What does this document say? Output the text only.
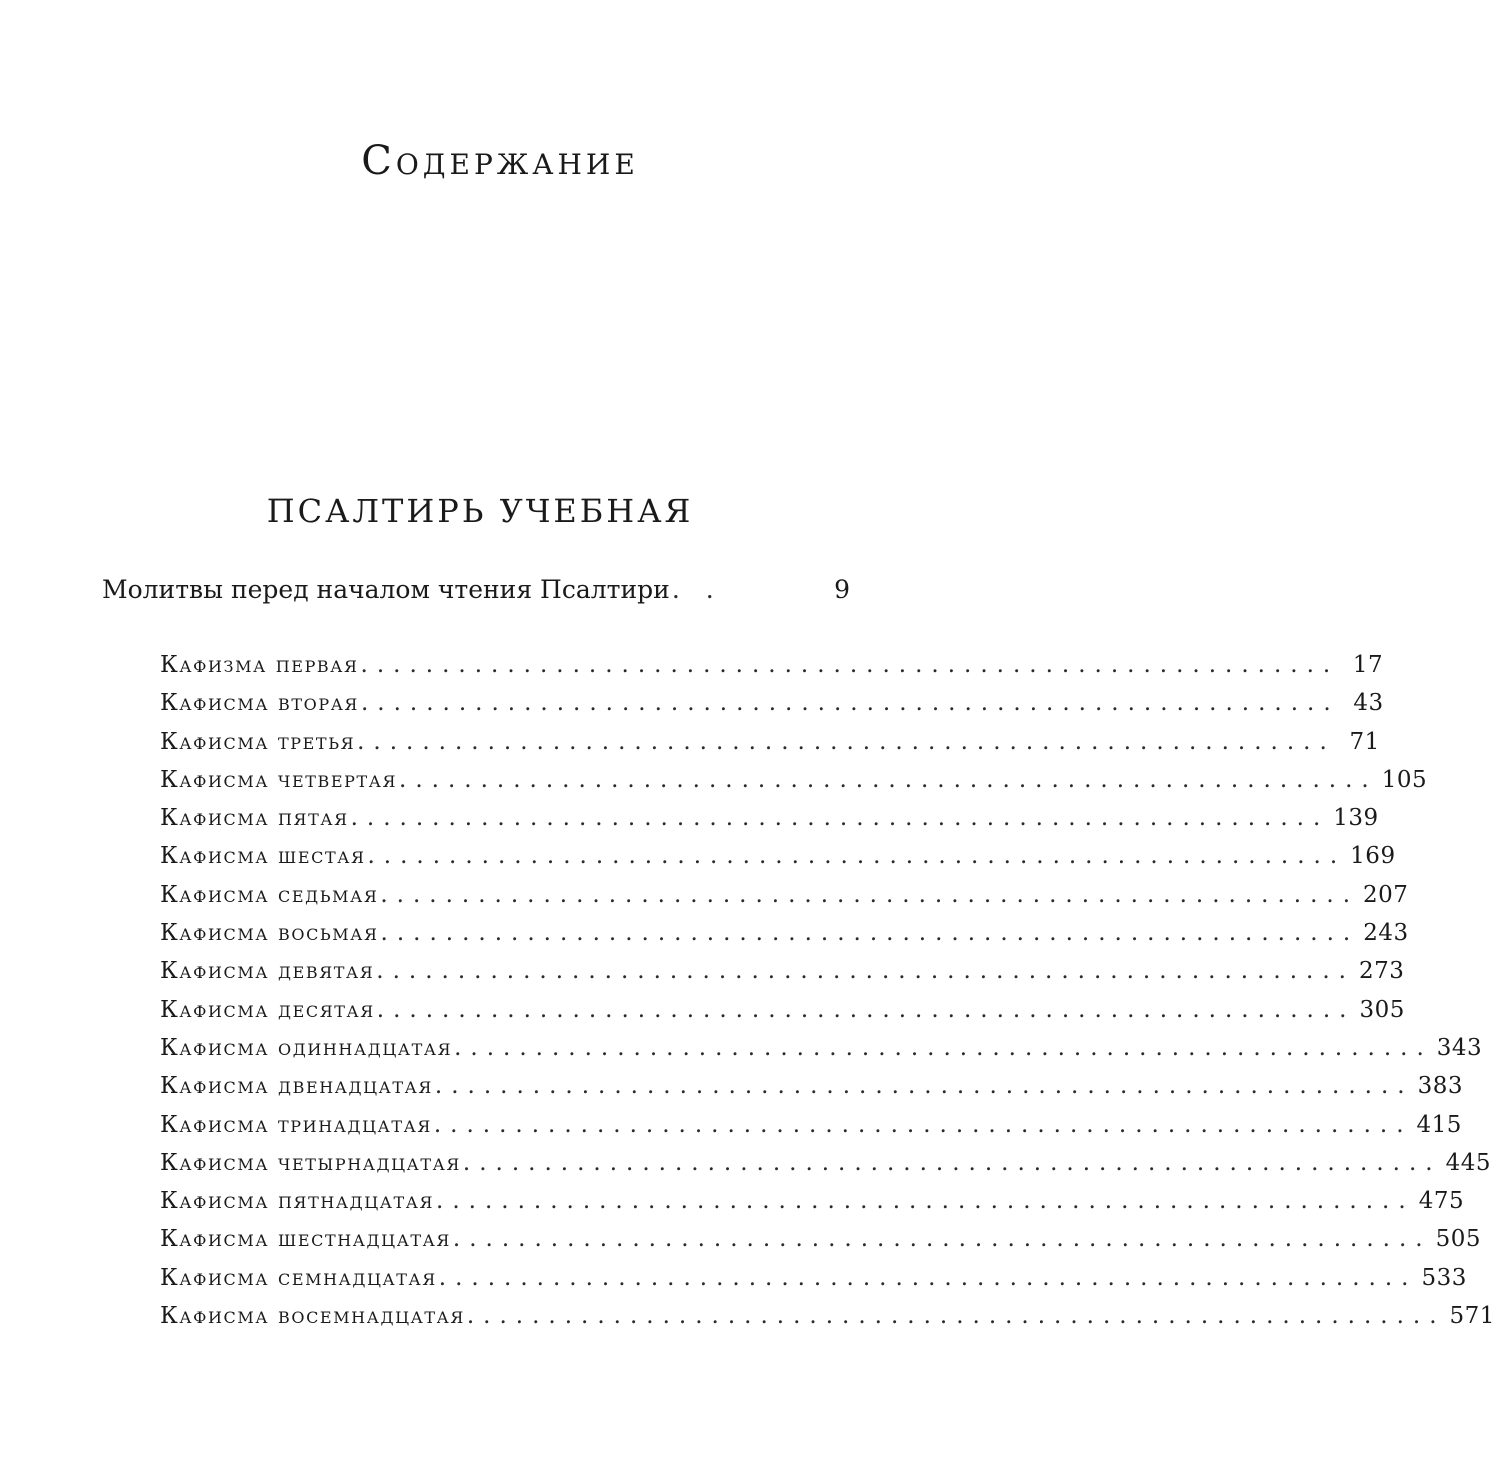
Содержание
ПСАЛТИРЬ УЧЕБНАЯ
Молитвы перед началом чтения Псалтири . .	9
Кафизма первая ............................................................ 17
Кафисма вторая ............................................................ 43
Кафисма третья ............................................................ 71
Кафисма четвертая ............................................................ 105
Кафисма пятая ............................................................ 139
Кафисма шестая ............................................................ 169
Кафисма седьмая ............................................................ 207
Кафисма восьмая ............................................................ 243
Кафисма девятая ............................................................ 273
Кафисма десятая ............................................................ 305
Кафисма одиннадцатая ............................................................ 343
Кафисма двенадцатая ............................................................ 383
Кафисма тринадцатая ............................................................ 415
Кафисма четырнадцатая ............................................................ 445
Кафисма пятнадцатая ............................................................ 475
Кафисма шестнадцатая ............................................................ 505
Кафисма семнадцатая ............................................................ 533
Кафисма восемнадцатая ............................................................ 571
